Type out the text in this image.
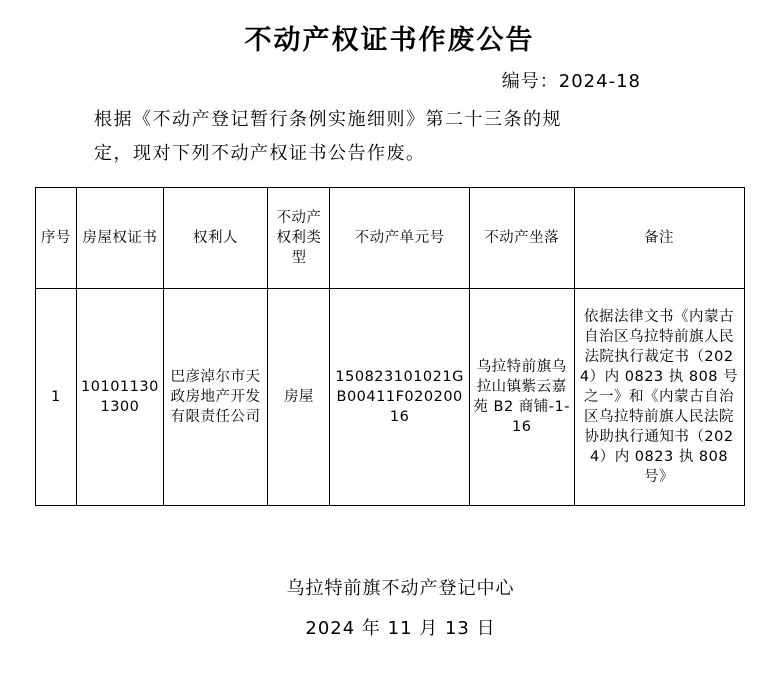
不动产权证书作废公告
编号：2024-18
根据《不动产登记暂行条例实施细则》第二十三条的规
定，现对下列不动产权证书公告作废。
序号	房屋权证书	权利人	不动产权利类型	不动产单元号	不动产坐落	备注
1	101011301300	巴彦淖尔市天政房地产开发有限责任公司	房屋	150823101021GB00411F02020016	乌拉特前旗乌拉山镇紫云嘉苑 B2 商铺-1-16	依据法律文书《内蒙古自治区乌拉特前旗人民法院执行裁定书（2024）内 0823 执 808 号之一》和《内蒙古自治区乌拉特前旗人民法院协助执行通知书（2024）内 0823 执 808 号》
乌拉特前旗不动产登记中心
2024 年 11 月 13 日
